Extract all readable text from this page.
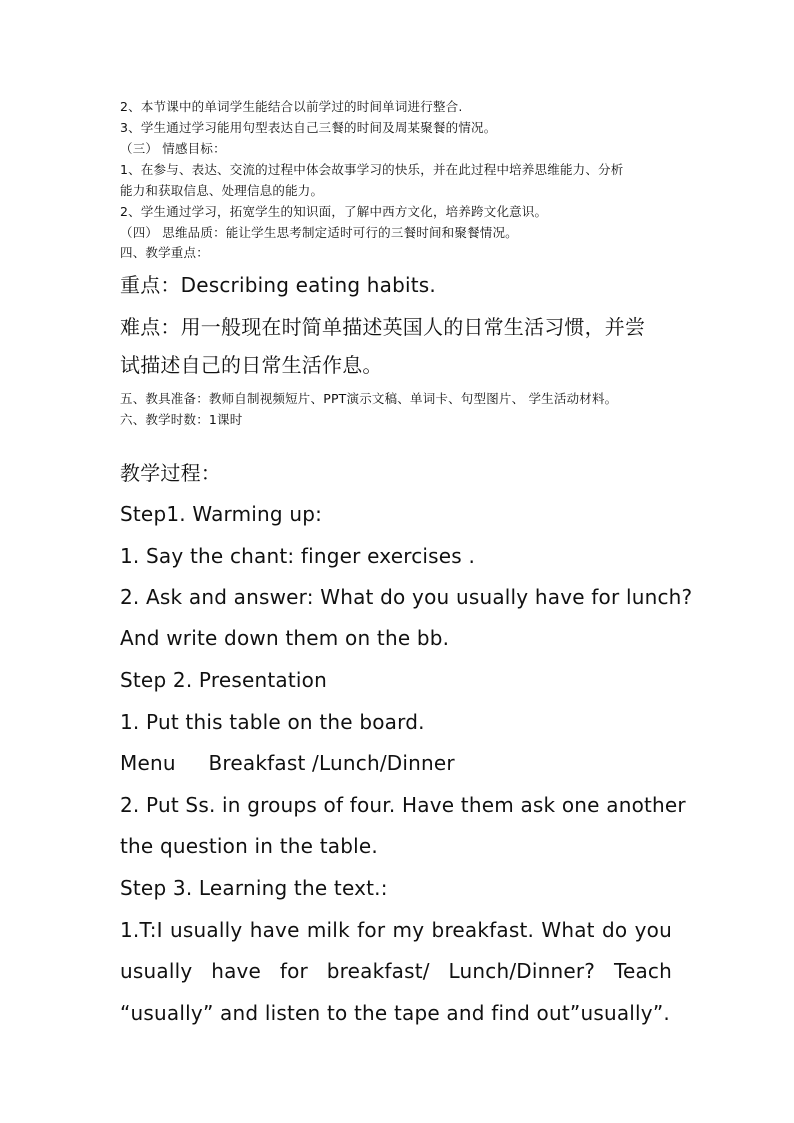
2、本节课中的单词学生能结合以前学过的时间单词进行整合.

3、学生通过学习能用句型表达自己三餐的时间及周某聚餐的情况。

（三） 情感目标：

1、在参与、表达、交流的过程中体会故事学习的快乐，并在此过程中培养思维能力、分析

能力和获取信息、处理信息的能力。

2、学生通过学习，拓宽学生的知识面，了解中西方文化，培养跨文化意识。

（四） 思维品质：能让学生思考制定适时可行的三餐时间和聚餐情况。

四、教学重点：

重点：Describing eating habits.

难点：用一般现在时简单描述英国人的日常生活习惯，并尝

试描述自己的日常生活作息。

五、教具准备：教师自制视频短片、PPT演示文稿、单词卡、句型图片、 学生活动材料。

六、教学时数：1课时

教学过程：

Step1. Warming up:

1. Say the chant: finger exercises .

2. Ask and answer: What do you usually have for lunch?

And write down them on the bb.

Step 2. Presentation

1. Put this table on the board.

Menu     Breakfast /Lunch/Dinner

2. Put Ss. in groups of four. Have them ask one another

the question in the table.

Step 3. Learning the text.:

1.T:I usually have milk for my breakfast. What do you

usually have for breakfast/ Lunch/Dinner? Teach

“usually” and listen to the tape and find out”usually”.
